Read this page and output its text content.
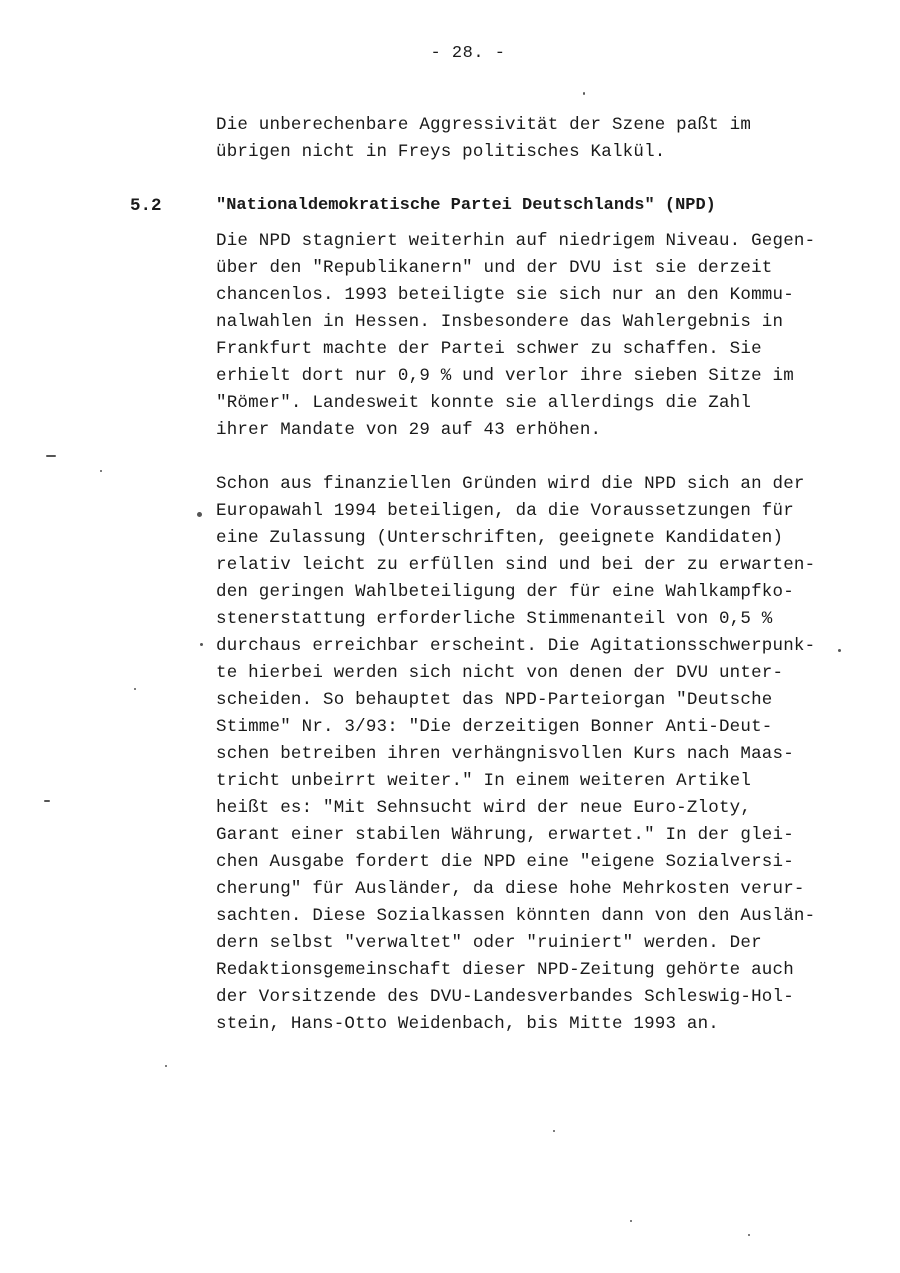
- 28. -
Die unberechenbare Aggressivität der Szene paßt im
übrigen nicht in Freys politisches Kalkül.
5.2	"Nationaldemokratische Partei Deutschlands" (NPD)
Die NPD stagniert weiterhin auf niedrigem Niveau. Gegen-
über den "Republikanern" und der DVU ist sie derzeit
chancenlos. 1993 beteiligte sie sich nur an den Kommu-
nalwahlen in Hessen. Insbesondere das Wahlergebnis in
Frankfurt machte der Partei schwer zu schaffen. Sie
erhielt dort nur 0,9 % und verlor ihre sieben Sitze im
"Römer". Landesweit konnte sie allerdings die Zahl
ihrer Mandate von 29 auf 43 erhöhen.
Schon aus finanziellen Gründen wird die NPD sich an der
Europawahl 1994 beteiligen, da die Voraussetzungen für
eine Zulassung (Unterschriften, geeignete Kandidaten)
relativ leicht zu erfüllen sind und bei der zu erwarten-
den geringen Wahlbeteiligung der für eine Wahlkampfko-
stenerstattung erforderliche Stimmenanteil von 0,5 %
durchaus erreichbar erscheint. Die Agitationsschwerpunk-
te hierbei werden sich nicht von denen der DVU unter-
scheiden. So behauptet das NPD-Parteiorgan "Deutsche
Stimme" Nr. 3/93: "Die derzeitigen Bonner Anti-Deut-
schen betreiben ihren verhängnisvollen Kurs nach Maas-
tricht unbeirrt weiter." In einem weiteren Artikel
heißt es: "Mit Sehnsucht wird der neue Euro-Zloty,
Garant einer stabilen Währung, erwartet." In der glei-
chen Ausgabe fordert die NPD eine "eigene Sozialversi-
cherung" für Ausländer, da diese hohe Mehrkosten verur-
sachten. Diese Sozialkassen könnten dann von den Auslän-
dern selbst "verwaltet" oder "ruiniert" werden. Der
Redaktionsgemeinschaft dieser NPD-Zeitung gehörte auch
der Vorsitzende des DVU-Landesverbandes Schleswig-Hol-
stein, Hans-Otto Weidenbach, bis Mitte 1993 an.
